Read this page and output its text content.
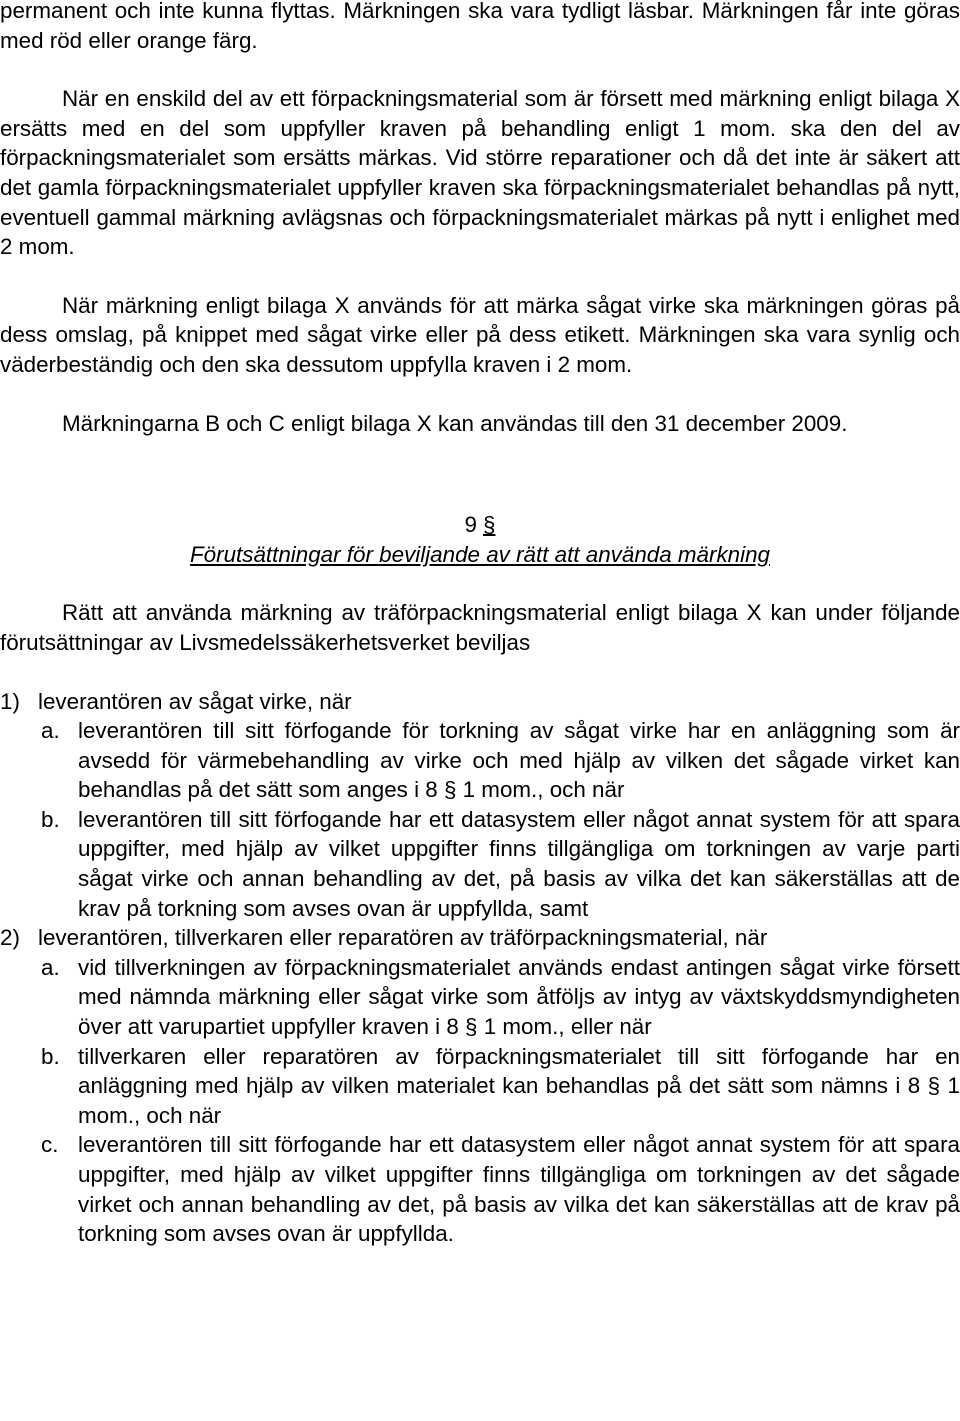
permanent och inte kunna flyttas. Märkningen ska vara tydligt läsbar. Märkningen får inte göras med röd eller orange färg.

När en enskild del av ett förpackningsmaterial som är försett med märkning enligt bilaga X ersätts med en del som uppfyller kraven på behandling enligt 1 mom. ska den del av förpackningsmaterialet som ersätts märkas. Vid större reparationer och då det inte är säkert att det gamla förpackningsmaterialet uppfyller kraven ska förpackningsmaterialet behandlas på nytt, eventuell gammal märkning avlägsnas och förpackningsmaterialet märkas på nytt i enlighet med 2 mom.

När märkning enligt bilaga X används för att märka sågat virke ska märkningen göras på dess omslag, på knippet med sågat virke eller på dess etikett. Märkningen ska vara synlig och väderbeständig och den ska dessutom uppfylla kraven i 2 mom.

Märkningarna B och C enligt bilaga X kan användas till den 31 december 2009.

9 §

Förutsättningar för beviljande av rätt att använda märkning

Rätt att använda märkning av träförpackningsmaterial enligt bilaga X kan under följande förutsättningar av Livsmedelssäkerhetsverket beviljas

1) leverantören av sågat virke, när
a. leverantören till sitt förfogande för torkning av sågat virke har en anläggning som är avsedd för värmebehandling av virke och med hjälp av vilken det sågade virket kan behandlas på det sätt som anges i 8 § 1 mom., och när
b. leverantören till sitt förfogande har ett datasystem eller något annat system för att spara uppgifter, med hjälp av vilket uppgifter finns tillgängliga om torkningen av varje parti sågat virke och annan behandling av det, på basis av vilka det kan säkerställas att de krav på torkning som avses ovan är uppfyllda, samt
2) leverantören, tillverkaren eller reparatören av träförpackningsmaterial, när
a. vid tillverkningen av förpackningsmaterialet används endast antingen sågat virke försett med nämnda märkning eller sågat virke som åtföljs av intyg av växtskyddsmyndigheten över att varupartiet uppfyller kraven i 8 § 1 mom., eller när
b. tillverkaren eller reparatören av förpackningsmaterialet till sitt förfogande har en anläggning med hjälp av vilken materialet kan behandlas på det sätt som nämns i 8 § 1 mom., och när
c. leverantören till sitt förfogande har ett datasystem eller något annat system för att spara uppgifter, med hjälp av vilket uppgifter finns tillgängliga om torkningen av det sågade virket och annan behandling av det, på basis av vilka det kan säkerställas att de krav på torkning som avses ovan är uppfyllda.
